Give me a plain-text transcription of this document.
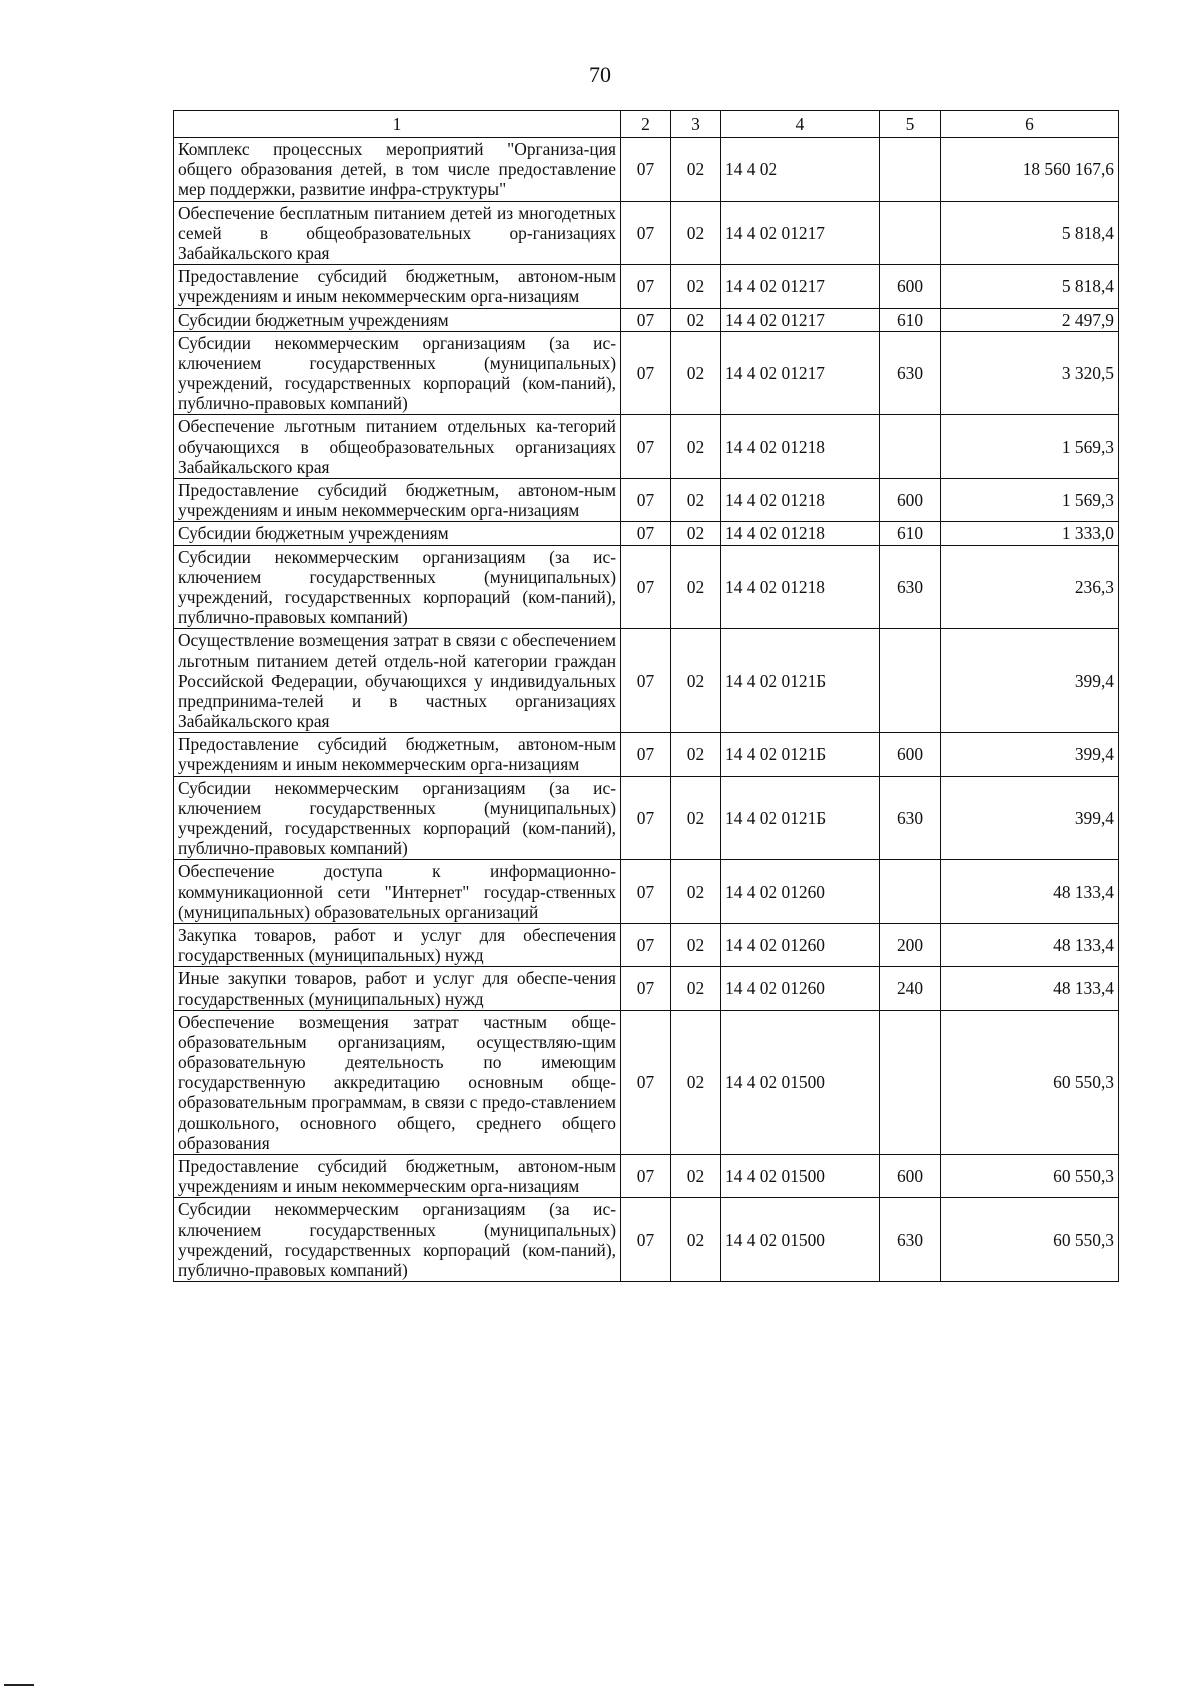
70
1	2	3	4	5	6
Комплекс процессных мероприятий "Организа-ция общего образования детей, в том числе предоставление мер поддержки, развитие инфра-структуры"	07	02	14 4 02		18 560 167,6
Обеспечение бесплатным питанием детей из многодетных семей в общеобразовательных ор-ганизациях Забайкальского края	07	02	14 4 02 01217		5 818,4
Предоставление субсидий бюджетным, автоном-ным учреждениям и иным некоммерческим орга-низациям	07	02	14 4 02 01217	600	5 818,4
Субсидии бюджетным учреждениям	07	02	14 4 02 01217	610	2 497,9
Субсидии некоммерческим организациям (за ис-ключением государственных (муниципальных) учреждений, государственных корпораций (ком-паний), публично-правовых компаний)	07	02	14 4 02 01217	630	3 320,5
Обеспечение льготным питанием отдельных ка-тегорий обучающихся в общеобразовательных организациях Забайкальского края	07	02	14 4 02 01218		1 569,3
Предоставление субсидий бюджетным, автоном-ным учреждениям и иным некоммерческим орга-низациям	07	02	14 4 02 01218	600	1 569,3
Субсидии бюджетным учреждениям	07	02	14 4 02 01218	610	1 333,0
Субсидии некоммерческим организациям (за ис-ключением государственных (муниципальных) учреждений, государственных корпораций (ком-паний), публично-правовых компаний)	07	02	14 4 02 01218	630	236,3
Осуществление возмещения затрат в связи с обеспечением льготным питанием детей отдель-ной категории граждан Российской Федерации, обучающихся у индивидуальных предпринима-телей и в частных организациях Забайкальского края	07	02	14 4 02 0121Б		399,4
Предоставление субсидий бюджетным, автоном-ным учреждениям и иным некоммерческим орга-низациям	07	02	14 4 02 0121Б	600	399,4
Субсидии некоммерческим организациям (за ис-ключением государственных (муниципальных) учреждений, государственных корпораций (ком-паний), публично-правовых компаний)	07	02	14 4 02 0121Б	630	399,4
Обеспечение доступа к информационно-коммуникационной сети "Интернет" государ-ственных (муниципальных) образовательных организаций	07	02	14 4 02 01260		48 133,4
Закупка товаров, работ и услуг для обеспечения государственных (муниципальных) нужд	07	02	14 4 02 01260	200	48 133,4
Иные закупки товаров, работ и услуг для обеспе-чения государственных (муниципальных) нужд	07	02	14 4 02 01260	240	48 133,4
Обеспечение возмещения затрат частным обще-образовательным организациям, осуществляю-щим образовательную деятельность по имеющим государственную аккредитацию основным обще-образовательным программам, в связи с предо-ставлением дошкольного, основного общего, среднего общего образования	07	02	14 4 02 01500		60 550,3
Предоставление субсидий бюджетным, автоном-ным учреждениям и иным некоммерческим орга-низациям	07	02	14 4 02 01500	600	60 550,3
Субсидии некоммерческим организациям (за ис-ключением государственных (муниципальных) учреждений, государственных корпораций (ком-паний), публично-правовых компаний)	07	02	14 4 02 01500	630	60 550,3
